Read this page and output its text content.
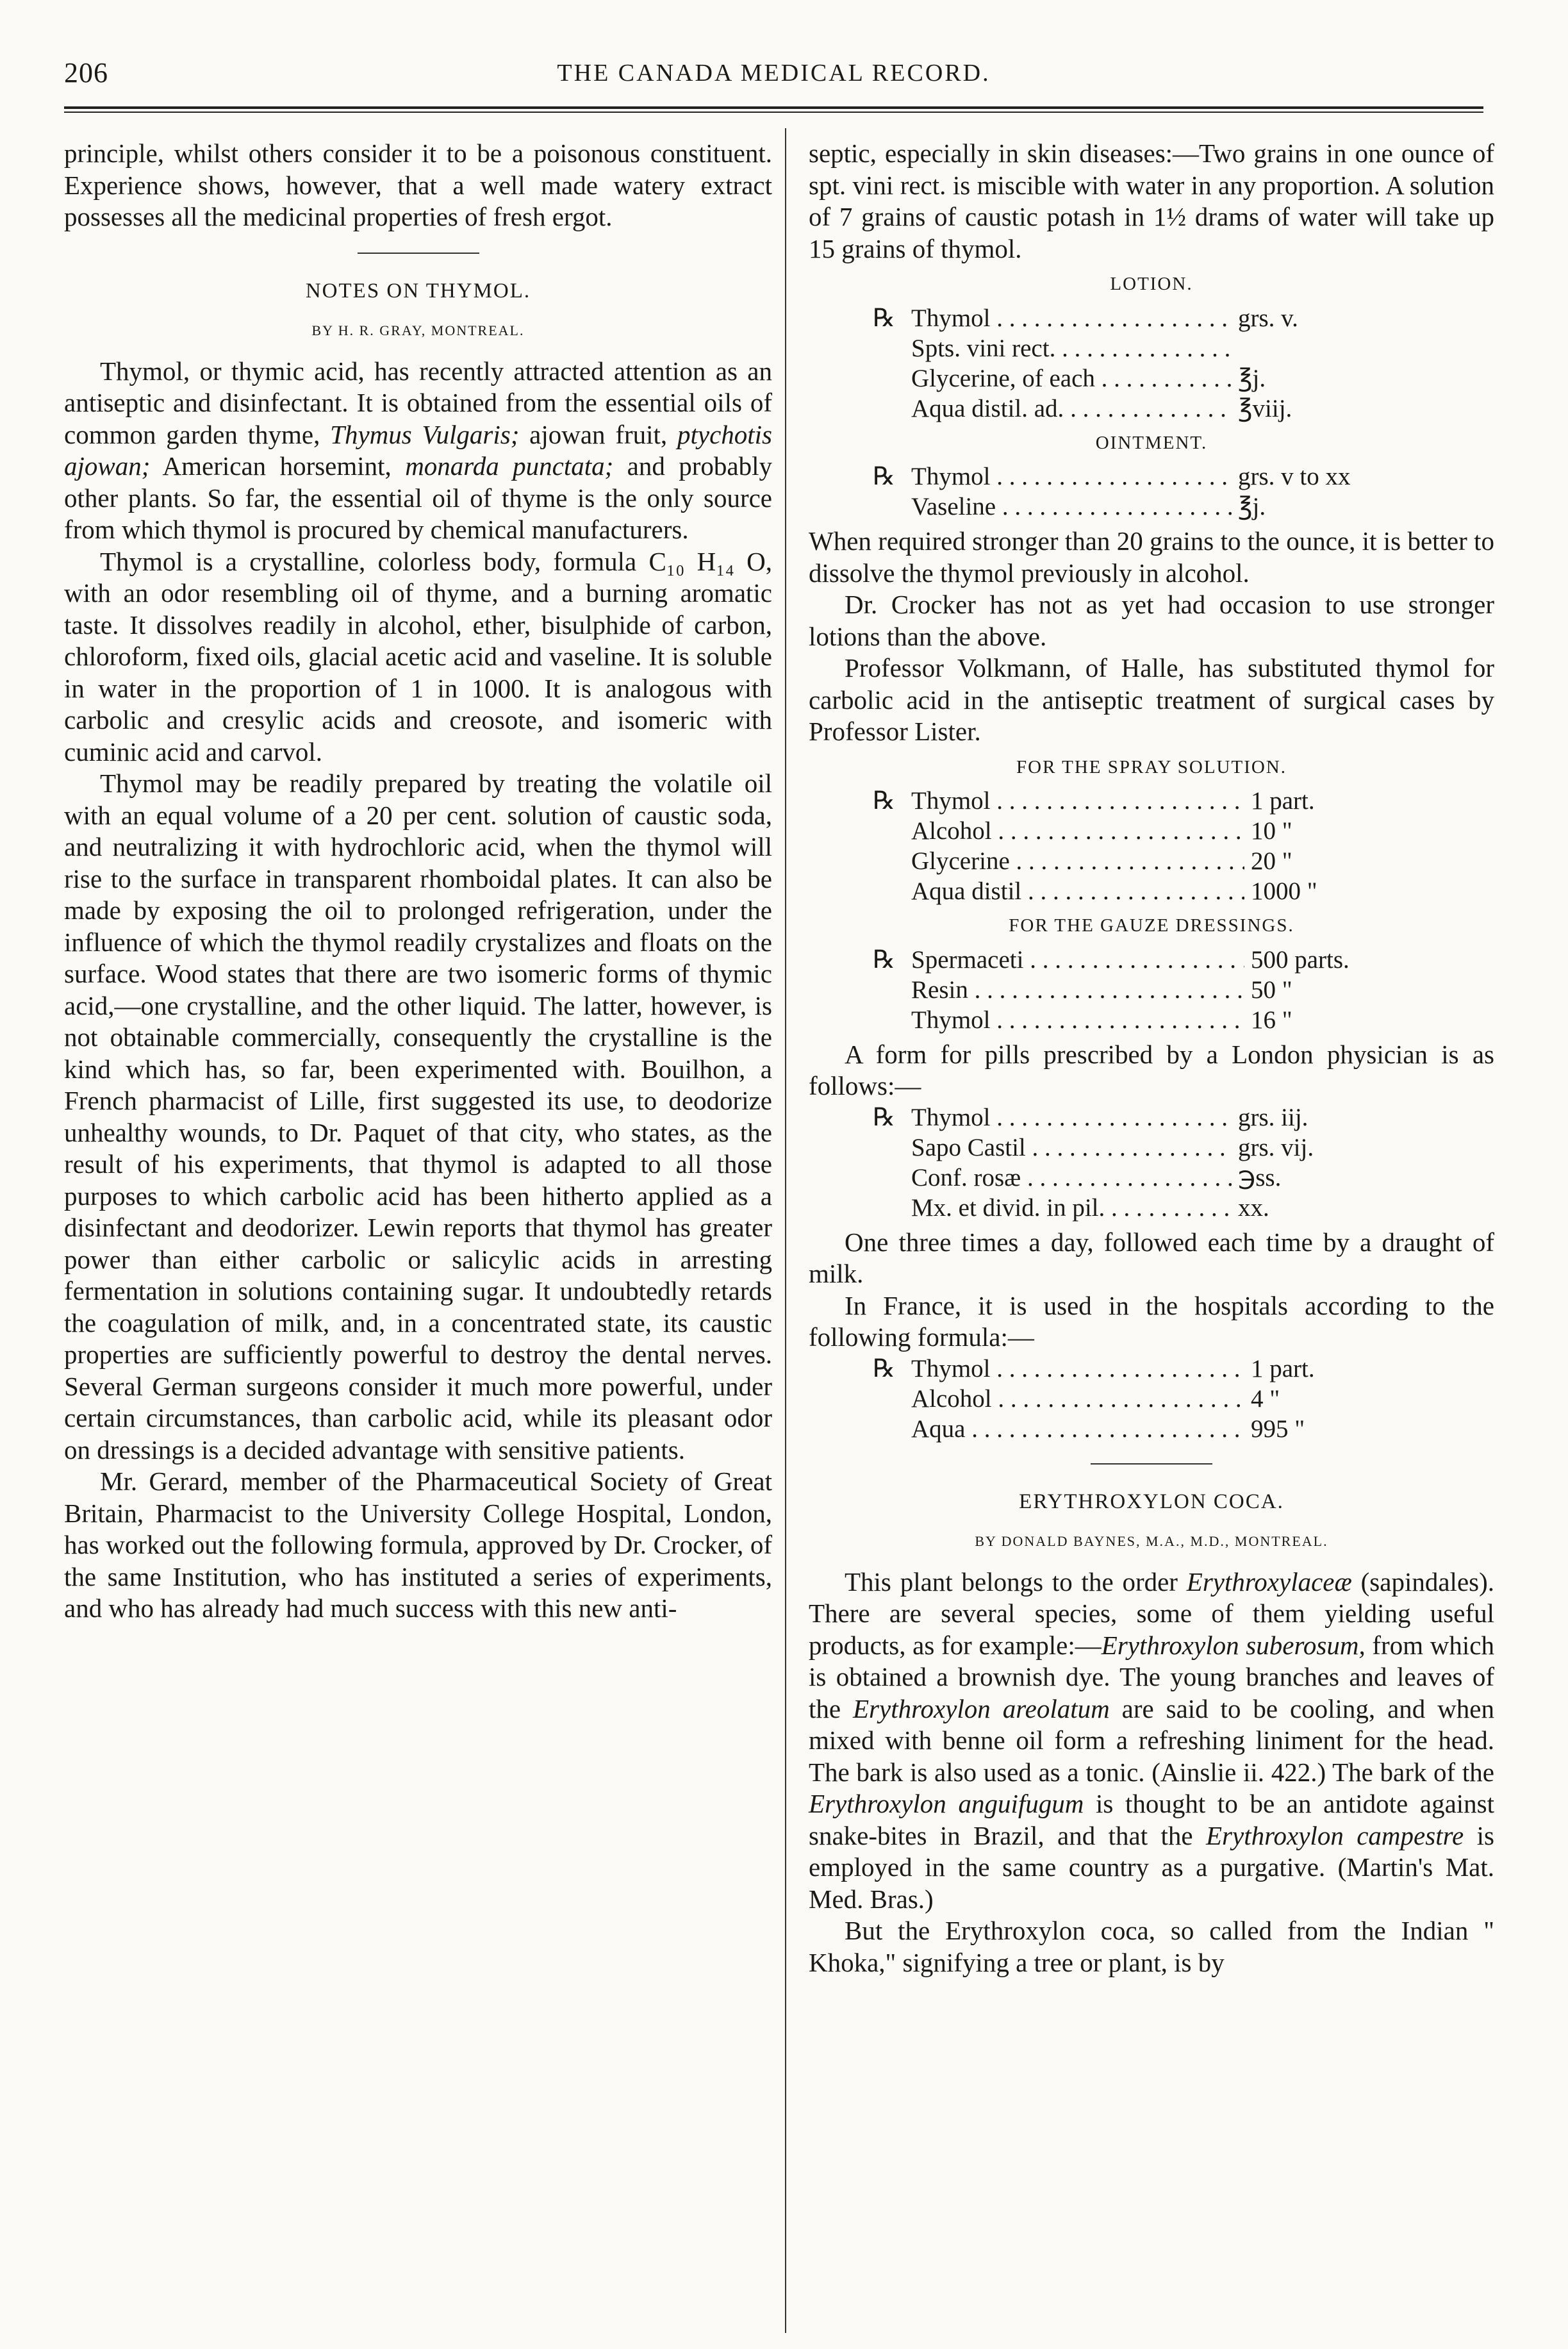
206	THE CANADA MEDICAL RECORD.

principle, whilst others consider it to be a poisonous constituent. Experience shows, however, that a well made watery extract possesses all the medicinal properties of fresh ergot.

NOTES ON THYMOL.
BY H. R. GRAY, MONTREAL.

Thymol, or thymic acid, has recently attracted attention as an antiseptic and disinfectant. It is obtained from the essential oils of common garden thyme, Thymus Vulgaris; ajowan fruit, ptychotis ajowan; American horsemint, monarda punctata; and probably other plants. So far, the essential oil of thyme is the only source from which thymol is procured by chemical manufacturers.

Thymol is a crystalline, colorless body, formula C₁₀ H₁₄ O, with an odor resembling oil of thyme, and a burning aromatic taste. It dissolves readily in alcohol, ether, bisulphide of carbon, chloroform, fixed oils, glacial acetic acid and vaseline. It is soluble in water in the proportion of 1 in 1000. It is analogous with carbolic and cresylic acids and creosote, and isomeric with cuminic acid and carvol.

Thymol may be readily prepared by treating the volatile oil with an equal volume of a 20 per cent. solution of caustic soda, and neutralizing it with hydrochloric acid, when the thymol will rise to the surface in transparent rhomboidal plates. It can also be made by exposing the oil to prolonged refrigeration, under the influence of which the thymol readily crystalizes and floats on the surface. Wood states that there are two isomeric forms of thymic acid,—one crystalline, and the other liquid. The latter, however, is not obtainable commercially, consequently the crystalline is the kind which has, so far, been experimented with. Bouilhon, a French pharmacist of Lille, first suggested its use, to deodorize unhealthy wounds, to Dr. Paquet of that city, who states, as the result of his experiments, that thymol is adapted to all those purposes to which carbolic acid has been hitherto applied as a disinfectant and deodorizer. Lewin reports that thymol has greater power than either carbolic or salicylic acids in arresting fermentation in solutions containing sugar. It undoubtedly retards the coagulation of milk, and, in a concentrated state, its caustic properties are sufficiently powerful to destroy the dental nerves. Several German surgeons consider it much more powerful, under certain circumstances, than carbolic acid, while its pleasant odor on dressings is a decided advantage with sensitive patients.

Mr. Gerard, member of the Pharmaceutical Society of Great Britain, Pharmacist to the University College Hospital, London, has worked out the following formula, approved by Dr. Crocker, of the same Institution, who has instituted a series of experiments, and who has already had much success with this new anti-

septic, especially in skin diseases:—Two grains in one ounce of spt. vini rect. is miscible with water in any proportion. A solution of 7 grains of caustic potash in 1½ drams of water will take up 15 grains of thymol.

LOTION.
℞ Thymol . . .	grs. v.
Spts. vini rect. . . .
Glycerine, of each . . .	℥j.
Aqua distil. ad. . . .	℥viij.
OINTMENT.
℞ Thymol . . .	grs. v to xx
Vaseline . . .	℥j.

When required stronger than 20 grains to the ounce, it is better to dissolve the thymol previously in alcohol.

Dr. Crocker has not as yet had occasion to use stronger lotions than the above.

Professor Volkmann, of Halle, has substituted thymol for carbolic acid in the antiseptic treatment of surgical cases by Professor Lister.

FOR THE SPRAY SOLUTION.
℞ Thymol . . .	1 part.
Alcohol . . .	10 "
Glycerine . . .	20 "
Aqua distil . . .	1000 "
FOR THE GAUZE DRESSINGS.
℞ Spermaceti . . .	500 parts.
Resin . . .	50 "
Thymol . . .	16 "

A form for pills prescribed by a London physician is as follows:—

℞ Thymol . . .	grs. iij.
Sapo Castil . . .	grs. vij.
Conf. rosæ . . .	℈ss.
Mx. et divid. in pil. . . .	xx.

One three times a day, followed each time by a draught of milk.

In France, it is used in the hospitals according to the following formula:—

℞ Thymol . . .	1 part.
Alcohol . . .	4 "
Aqua . . .	995 "
ERYTHROXYLON COCA.
BY DONALD BAYNES, M.A., M.D., MONTREAL.

This plant belongs to the order Erythroxylaceæ (sapindales). There are several species, some of them yielding useful products, as for example:—Erythroxylon suberosum, from which is obtained a brownish dye. The young branches and leaves of the Erythroxylon areolatum are said to be cooling, and when mixed with benne oil form a refreshing liniment for the head. The bark is also used as a tonic. (Ainslie ii. 422.) The bark of the Erythroxylon anguifugum is thought to be an antidote against snake-bites in Brazil, and that the Erythroxylon campestre is employed in the same country as a purgative. (Martin's Mat. Med. Bras.)

But the Erythroxylon coca, so called from the Indian " Khoka," signifying a tree or plant, is by
